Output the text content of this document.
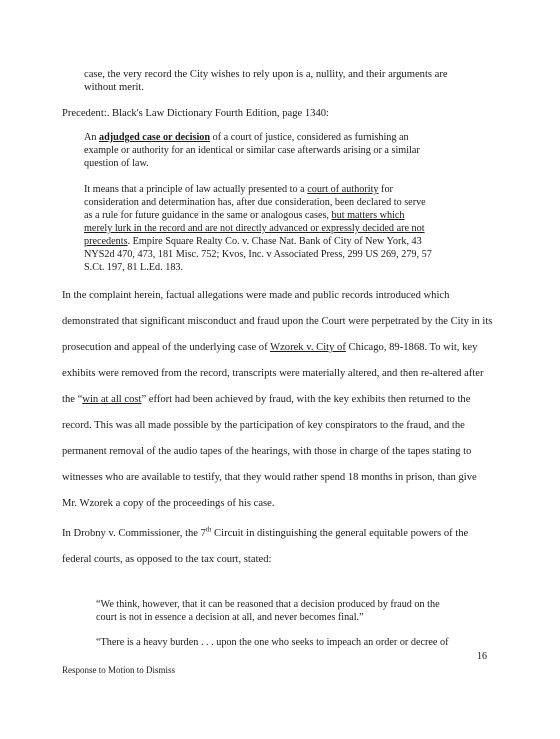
case, the very record the City wishes to rely upon is a, nullity, and their arguments are
without merit.
Precedent:. Black's Law Dictionary Fourth Edition, page 1340:
An adjudged case or decision of a court of justice, considered as furnishing an
example or authority for an identical or similar case afterwards arising or a similar
question of law.
It means that a principle of law actually presented to a court of authority for
consideration and determination has, after due consideration, been declared to serve
as a rule for future guidance in the same or analogous cases, but matters which
merely lurk in the record and are not directly advanced or expressly decided are not
precedents. Empire Square Realty Co. v. Chase Nat. Bank of City of New York, 43
NYS2d 470, 473, 181 Misc. 752; Kvos, Inc. v Associated Press, 299 US 269, 279, 57
S.Ct. 197, 81 L.Ed. 183.
In the complaint herein, factual allegations were made and public records introduced which
demonstrated that significant misconduct and fraud upon the Court were perpetrated by the City in its
prosecution and appeal of the underlying case of Wzorek v. City of Chicago, 89-1868. To wit, key
exhibits were removed from the record, transcripts were materially altered, and then re-altered after
the “win at all cost” effort had been achieved by fraud, with the key exhibits then returned to the
record. This was all made possible by the participation of key conspirators to the fraud, and the
permanent removal of the audio tapes of the hearings, with those in charge of the tapes stating to
witnesses who are available to testify, that they would rather spend 18 months in prison, than give
Mr. Wzorek a copy of the proceedings of his case.
In Drobny v. Commissioner, the 7th Circuit in distinguishing the general equitable powers of the
federal courts, as opposed to the tax court, stated:
“We think, however, that it can be reasoned that a decision produced by fraud on the
court is not in essence a decision at all, and never becomes final.”
“There is a heavy burden . . . upon the one who seeks to impeach an order or decree of
16
Response to Motion to Dismiss
